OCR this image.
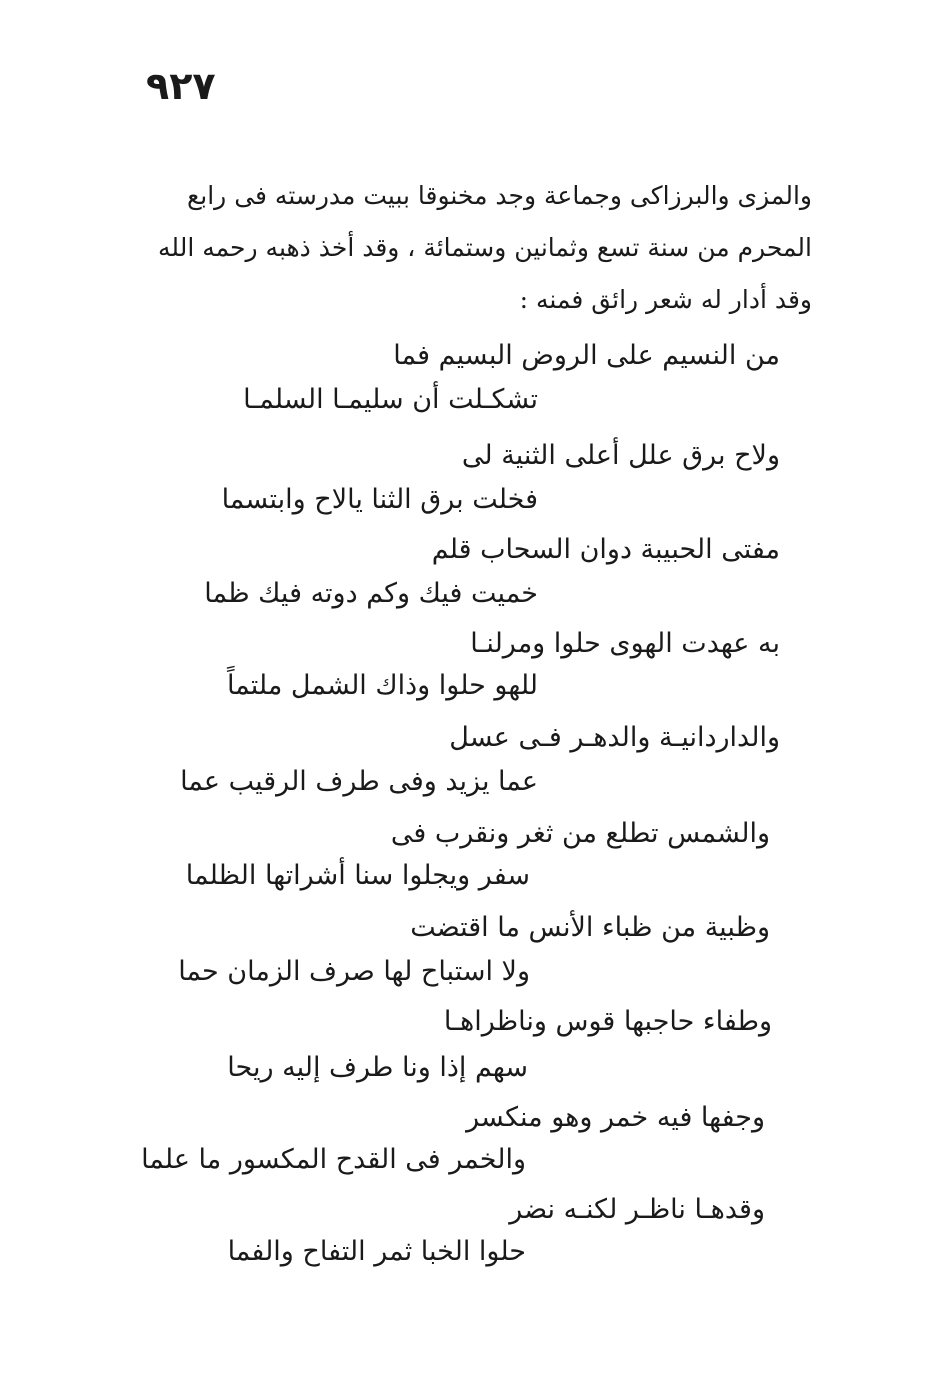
٩٢٧
والمزى والبرزاكى وجماعة وجد مخنوقا ببيت مدرسته فى رابع
المحرم من سنة تسع وثمانين وستمائة ، وقد أخذ ذهبه رحمه الله
وقد أدار له شعر رائق فمنه :
من النسيم على الروض البسيم فما
تشكـلت أن سليمـا السلمـا
ولاح برق علل أعلى الثنية لى
فخلت برق الثنا يالاح وابتسما
مفتى الحبيبة دوان السحاب قلم
خميت فيك وكم دوته فيك ظما
به عهدت الهوى حلوا ومرلنـا
للهو حلوا وذاك الشمل ملتماً
والداردانيـة والدهـر فـى عسل
عما يزيد وفى طرف الرقيب عما
والشمس تطلع من ثغر ونقرب فى
سفر ويجلوا سنا أشراتها الظلما
وظبية من ظباء الأنس ما اقتضت
ولا استباح لها صرف الزمان حما
وطفاء حاجبها قوس وناظراهـا
سهم إذا ونا طرف إليه ريحا
وجفها فيه خمر وهو منكسر
والخمر فى القدح المكسور ما علما
وقدهـا ناظـر لكنـه نضر
حلوا الخبا ثمر التفاح والفما
